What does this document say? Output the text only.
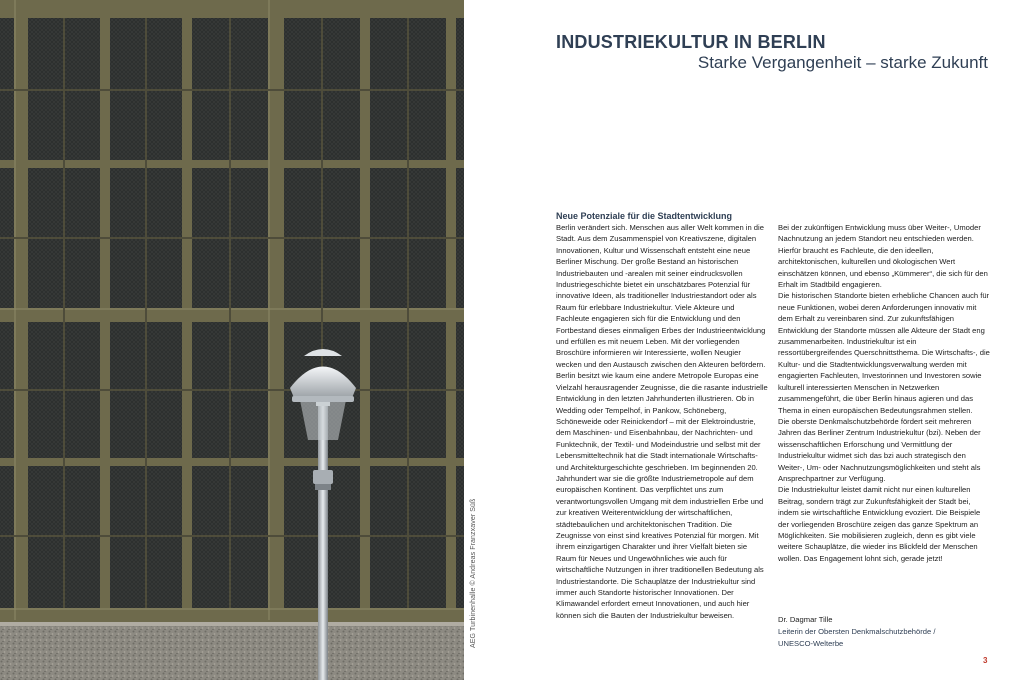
AEG Turbinenhalle © Andreas Franzxaver Süß
INDUSTRIEKULTUR IN BERLIN
Starke Vergangenheit – starke Zukunft
Neue Potenziale für die Stadtentwicklung

Berlin verändert sich. Menschen aus aller Welt kommen in die Stadt. Aus dem Zusammenspiel von Kreativszene, digitalen Innovationen, Kultur und Wissenschaft entsteht eine neue Berliner Mischung. Der große Bestand an historischen Industriebauten und -arealen mit seiner eindrucksvollen Industriegeschichte bietet ein unschätzbares Potenzial für innovative Ideen, als traditioneller Industriestandort oder als Raum für erlebbare Industriekultur. Viele Akteure und Fachleute engagieren sich für die Entwicklung und den Fortbestand dieses einmaligen Erbes der Industrieentwicklung und erfüllen es mit neuem Leben. Mit der vorliegenden Broschüre informieren wir Interessierte, wollen Neugier wecken und den Austausch zwischen den Akteuren befördern.

Berlin besitzt wie kaum eine andere Metropole Europas eine Vielzahl herausragender Zeugnisse, die die rasante industrielle Entwicklung in den letzten Jahrhunderten illustrieren. Ob in Wedding oder Tempelhof, in Pankow, Schöneberg, Schöneweide oder Reinickendorf – mit der Elektroindustrie, dem Maschinen- und Eisenbahnbau, der Nachrichten- und Funktechnik, der Textil- und Modeindustrie und selbst mit der Lebensmitteltechnik hat die Stadt internationale Wirtschafts- und Architekturgeschichte geschrieben. Im beginnenden 20. Jahrhundert war sie die größte Industriemetropole auf dem europäischen Kontinent. Das verpflichtet uns zum verantwortungsvollen Umgang mit dem industriellen Erbe und zur kreativen Weiterentwicklung der wirtschaftlichen, städtebaulichen und architektonischen Tradition. Die Zeugnisse von einst sind kreatives Potenzial für morgen. Mit ihrem einzigartigen Charakter und ihrer Vielfalt bieten sie Raum für Neues und Ungewöhnliches wie auch für wirtschaftliche Nutzungen in ihrer traditionellen Bedeutung als Industriestandorte. Die Schauplätze der Industriekultur sind immer auch Standorte historischer Innovationen. Der Klimawandel erfordert erneut Innovationen, und auch hier können sich die Bauten der Industriekultur beweisen.

Bei der zukünftigen Entwicklung muss über Weiter-, Umoder Nachnutzung an jedem Standort neu entschieden werden. Hierfür braucht es Fachleute, die den ideellen, architektonischen, kulturellen und ökologischen Wert einschätzen können, und ebenso „Kümmerer“, die sich für den Erhalt im Stadtbild engagieren.

Die historischen Standorte bieten erhebliche Chancen auch für neue Funktionen, wobei deren Anforderungen innovativ mit dem Erhalt zu vereinbaren sind. Zur zukunftsfähigen Entwicklung der Standorte müssen alle Akteure der Stadt eng zusammenarbeiten. Industriekultur ist ein ressortübergreifendes Querschnittsthema. Die Wirtschafts-, die Kultur- und die Stadtentwicklungsverwaltung werden mit engagierten Fachleuten, Investorinnen und Investoren sowie kulturell interessierten Menschen in Netzwerken zusammengeführt, die über Berlin hinaus agieren und das Thema in einen europäischen Bedeutungsrahmen stellen.

Die oberste Denkmalschutzbehörde fördert seit mehreren Jahren das Berliner Zentrum Industriekultur (bzi). Neben der wissenschaftlichen Erforschung und Vermittlung der Industriekultur widmet sich das bzi auch strategisch den Weiter-, Um- oder Nachnutzungsmöglichkeiten und steht als Ansprechpartner zur Verfügung.

Die Industriekultur leistet damit nicht nur einen kulturellen Beitrag, sondern trägt zur Zukunftsfähigkeit der Stadt bei, indem sie wirtschaftliche Entwicklung evoziert. Die Beispiele der vorliegenden Broschüre zeigen das ganze Spektrum an Möglichkeiten. Sie mobilisieren zugleich, denn es gibt viele weitere Schauplätze, die wieder ins Blickfeld der Menschen wollen. Das Engagement lohnt sich, gerade jetzt!

Dr. Dagmar Tille
Leiterin der Obersten Denkmalschutzbehörde /
UNESCO-Welterbe
3
